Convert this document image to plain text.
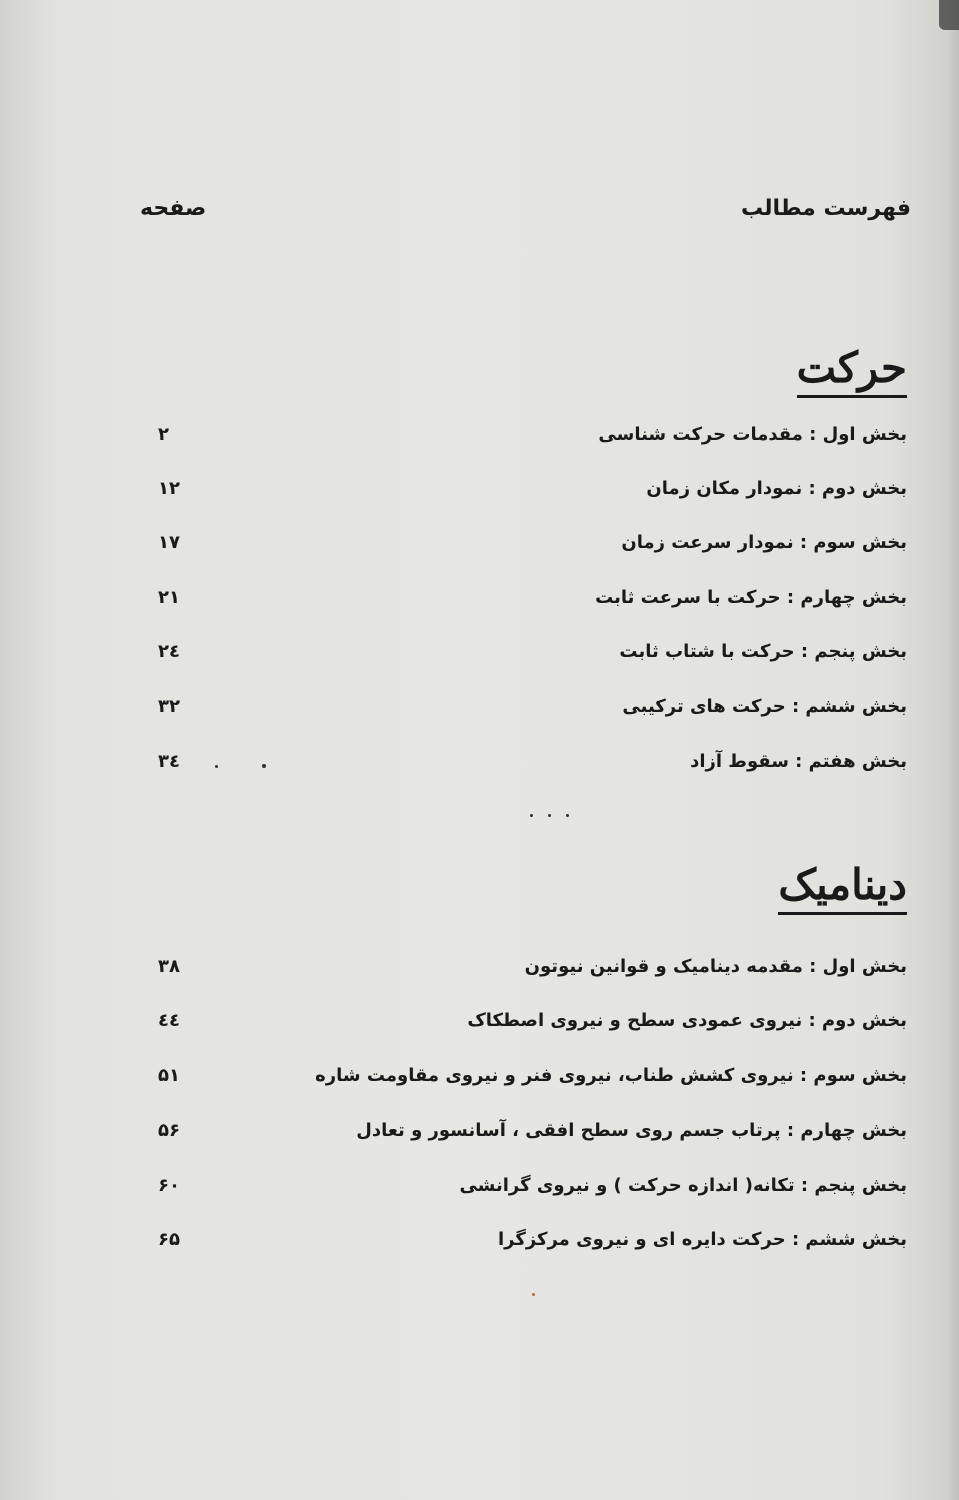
فهرست مطالب
صفحه
حرکت
بخش اول : مقدمات حرکت شناسی
۲
بخش دوم : نمودار مکان زمان
۱۲
بخش سوم : نمودار سرعت زمان
۱۷
بخش چهارم : حرکت با سرعت ثابت
۲۱
بخش پنجم : حرکت با شتاب ثابت
۲٤
بخش ششم : حرکت های ترکیبی
۳۲
بخش هفتم : سقوط آزاد
۳٤
دینامیک
بخش اول : مقدمه دینامیک و قوانین نیوتون
۳۸
بخش دوم : نیروی عمودی سطح و نیروی اصطکاک
٤٤
بخش سوم : نیروی کشش طناب، نیروی فنر و نیروی مقاومت شاره
۵۱
بخش چهارم : پرتاب جسم روی سطح افقی ، آسانسور و تعادل
۵۶
بخش پنجم : تکانه( اندازه حرکت ) و نیروی گرانشی
۶۰
بخش ششم : حرکت دایره ای و نیروی مرکزگرا
۶۵
